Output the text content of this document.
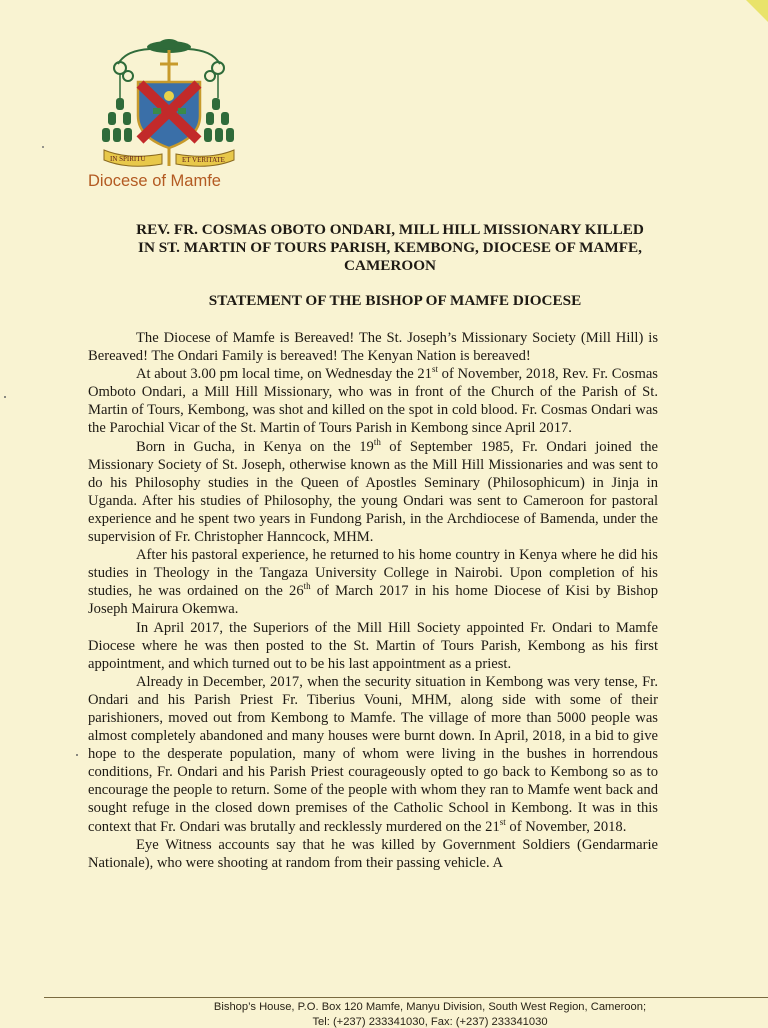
IN SPIRITU	ET VERITATE
Diocese of Mamfe
REV. FR. COSMAS OBOTO ONDARI, MILL HILL MISSIONARY KILLED
IN ST. MARTIN OF TOURS PARISH, KEMBONG, DIOCESE OF MAMFE,
CAMEROON
STATEMENT OF THE BISHOP OF MAMFE DIOCESE

The Diocese of Mamfe is Bereaved! The St. Joseph’s Missionary Society (Mill Hill) is Bereaved! The Ondari Family is bereaved! The Kenyan Nation is bereaved!

At about 3.00 pm local time, on Wednesday the 21st of November, 2018, Rev. Fr. Cosmas Omboto Ondari, a Mill Hill Missionary, who was in front of the Church of the Parish of St. Martin of Tours, Kembong, was shot and killed on the spot in cold blood. Fr. Cosmas Ondari was the Parochial Vicar of the St. Martin of Tours Parish in Kembong since April 2017.

Born in Gucha, in Kenya on the 19th of September 1985, Fr. Ondari joined the Missionary Society of St. Joseph, otherwise known as the Mill Hill Missionaries and was sent to do his Philosophy studies in the Queen of Apostles Seminary (Philosophicum) in Jinja in Uganda. After his studies of Philosophy, the young Ondari was sent to Cameroon for pastoral experience and he spent two years in Fundong Parish, in the Archdiocese of Bamenda, under the supervision of Fr. Christopher Hanncock, MHM.

After his pastoral experience, he returned to his home country in Kenya where he did his studies in Theology in the Tangaza University College in Nairobi. Upon completion of his studies, he was ordained on the 26th of March 2017 in his home Diocese of Kisi by Bishop Joseph Mairura Okemwa.

In April 2017, the Superiors of the Mill Hill Society appointed Fr. Ondari to Mamfe Diocese where he was then posted to the St. Martin of Tours Parish, Kembong as his first appointment, and which turned out to be his last appointment as a priest.

Already in December, 2017, when the security situation in Kembong was very tense, Fr. Ondari and his Parish Priest Fr. Tiberius Vouni, MHM, along side with some of their parishioners, moved out from Kembong to Mamfe. The village of more than 5000 people was almost completely abandoned and many houses were burnt down. In April, 2018, in a bid to give hope to the desperate population, many of whom were living in the bushes in horrendous conditions, Fr. Ondari and his Parish Priest courageously opted to go back to Kembong so as to encourage the people to return. Some of the people with whom they ran to Mamfe went back and sought refuge in the closed down premises of the Catholic School in Kembong. It was in this context that Fr. Ondari was brutally and recklessly murdered on the 21st of November, 2018.

Eye Witness accounts say that he was killed by Government Soldiers (Gendarmarie Nationale), who were shooting at random from their passing vehicle. A

Bishop’s House, P.O. Box 120 Mamfe, Manyu Division, South West Region, Cameroon;
Tel: (+237) 233341030, Fax: (+237) 233341030
